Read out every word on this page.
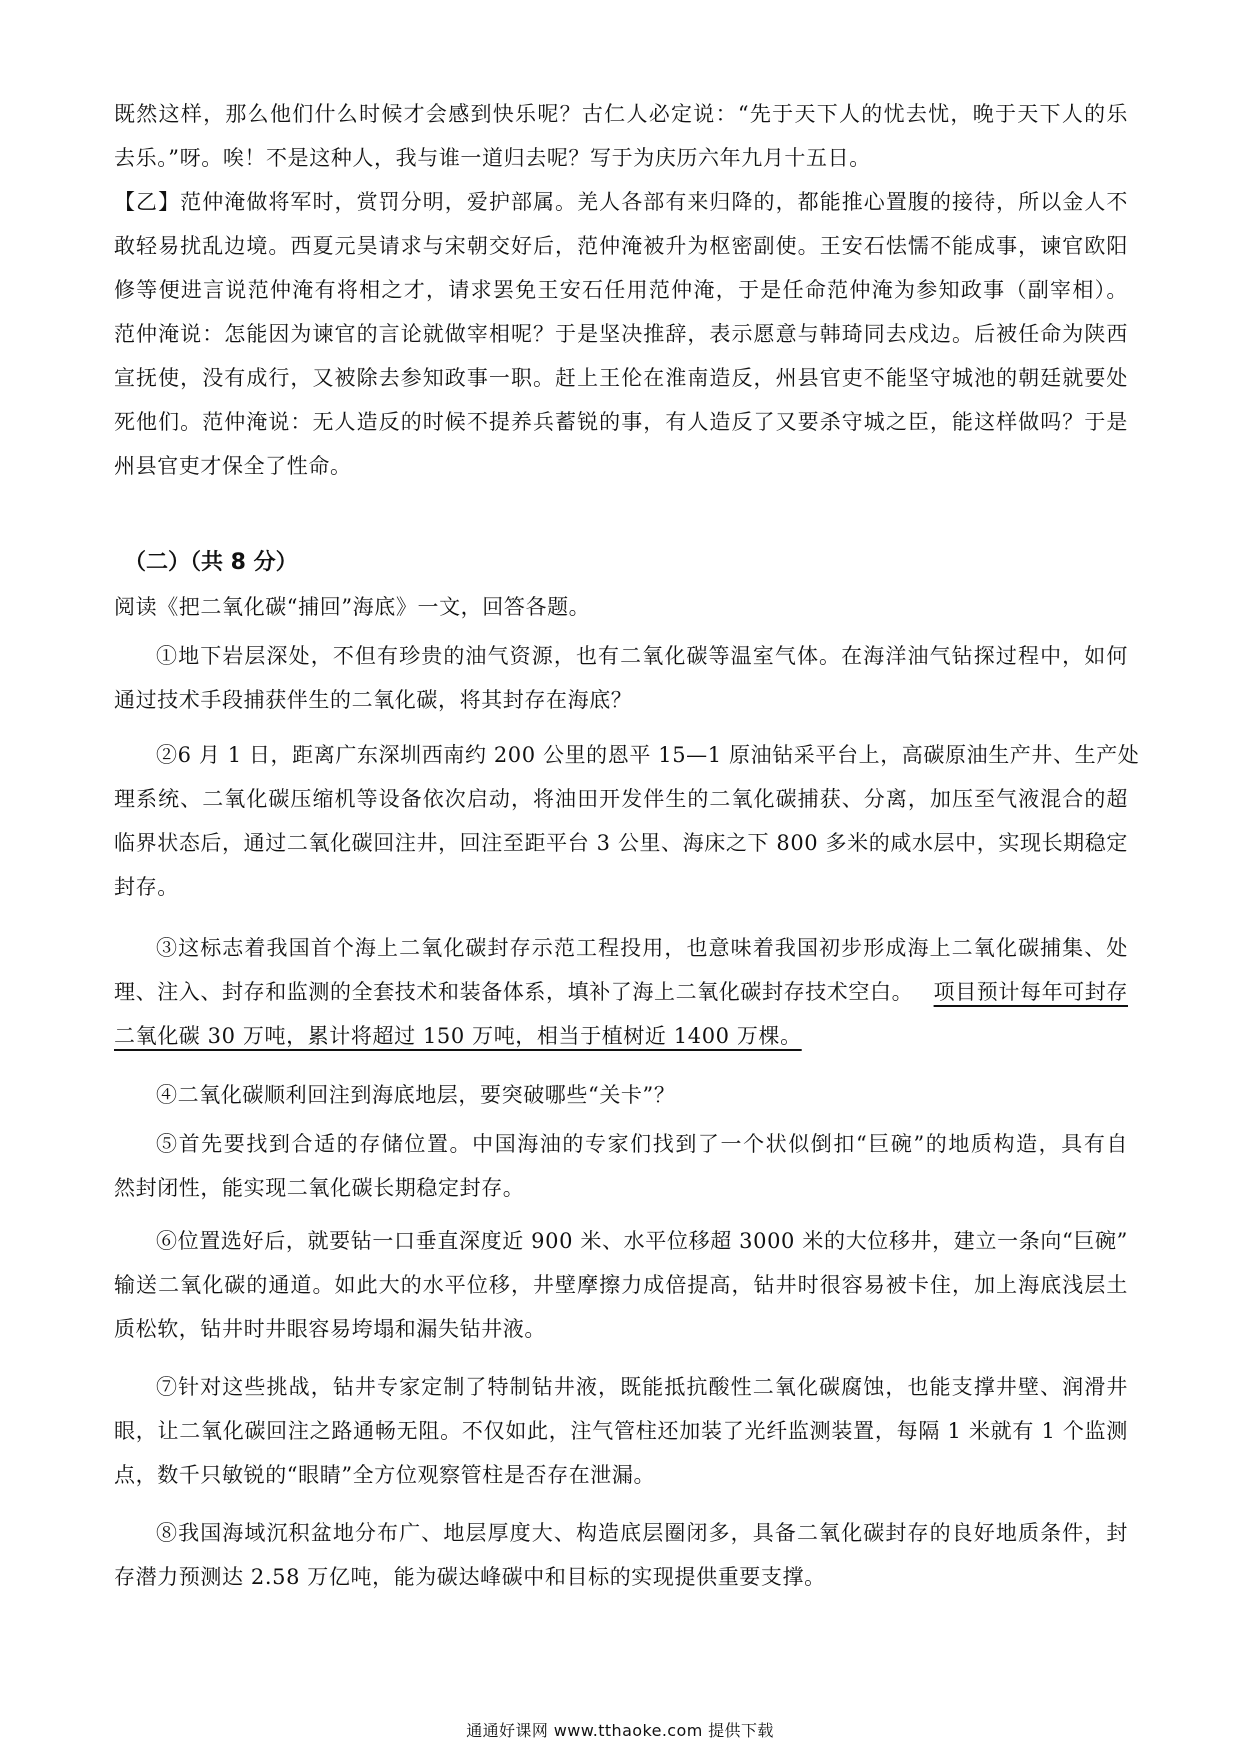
既然这样，那么他们什么时候才会感到快乐呢？古仁人必定说：“先于天下人的忧去忧，晚于天下人的乐
去乐。”呀。唉！不是这种人，我与谁一道归去呢？写于为庆历六年九月十五日。
【乙】范仲淹做将军时，赏罚分明，爱护部属。羌人各部有来归降的，都能推心置腹的接待，所以金人不
敢轻易扰乱边境。西夏元昊请求与宋朝交好后，范仲淹被升为枢密副使。王安石怯懦不能成事，谏官欧阳
修等便进言说范仲淹有将相之才，请求罢免王安石任用范仲淹，于是任命范仲淹为参知政事（副宰相）。
范仲淹说：怎能因为谏官的言论就做宰相呢？于是坚决推辞，表示愿意与韩琦同去戍边。后被任命为陕西
宣抚使，没有成行，又被除去参知政事一职。赶上王伦在淮南造反，州县官吏不能坚守城池的朝廷就要处
死他们。范仲淹说：无人造反的时候不提养兵蓄锐的事，有人造反了又要杀守城之臣，能这样做吗？于是
州县官吏才保全了性命。
（二）（共 8 分）
阅读《把二氧化碳“捕回”海底》一文，回答各题。
①地下岩层深处，不但有珍贵的油气资源，也有二氧化碳等温室气体。在海洋油气钻探过程中，如何
通过技术手段捕获伴生的二氧化碳，将其封存在海底？
②6 月 1 日，距离广东深圳西南约 200 公里的恩平 15—1 原油钻采平台上，高碳原油生产井、生产处
理系统、二氧化碳压缩机等设备依次启动，将油田开发伴生的二氧化碳捕获、分离，加压至气液混合的超
临界状态后，通过二氧化碳回注井，回注至距平台 3 公里、海床之下 800 多米的咸水层中，实现长期稳定
封存。
③这标志着我国首个海上二氧化碳封存示范工程投用，也意味着我国初步形成海上二氧化碳捕集、处
理、注入、封存和监测的全套技术和装备体系，填补了海上二氧化碳封存技术空白。 项目预计每年可封存
二氧化碳 30 万吨，累计将超过 150 万吨，相当于植树近 1400 万棵。
④二氧化碳顺利回注到海底地层，要突破哪些“关卡”？
⑤首先要找到合适的存储位置。中国海油的专家们找到了一个状似倒扣“巨碗”的地质构造，具有自
然封闭性，能实现二氧化碳长期稳定封存。
⑥位置选好后，就要钻一口垂直深度近 900 米、水平位移超 3000 米的大位移井，建立一条向“巨碗”
输送二氧化碳的通道。如此大的水平位移，井壁摩擦力成倍提高，钻井时很容易被卡住，加上海底浅层土
质松软，钻井时井眼容易垮塌和漏失钻井液。
⑦针对这些挑战，钻井专家定制了特制钻井液，既能抵抗酸性二氧化碳腐蚀，也能支撑井壁、润滑井
眼，让二氧化碳回注之路通畅无阻。不仅如此，注气管柱还加装了光纤监测装置，每隔 1 米就有 1 个监测
点，数千只敏锐的“眼睛”全方位观察管柱是否存在泄漏。
⑧我国海域沉积盆地分布广、地层厚度大、构造底层圈闭多，具备二氧化碳封存的良好地质条件，封
存潜力预测达 2.58 万亿吨，能为碳达峰碳中和目标的实现提供重要支撑。
通通好课网 www.tthaoke.com 提供下载
